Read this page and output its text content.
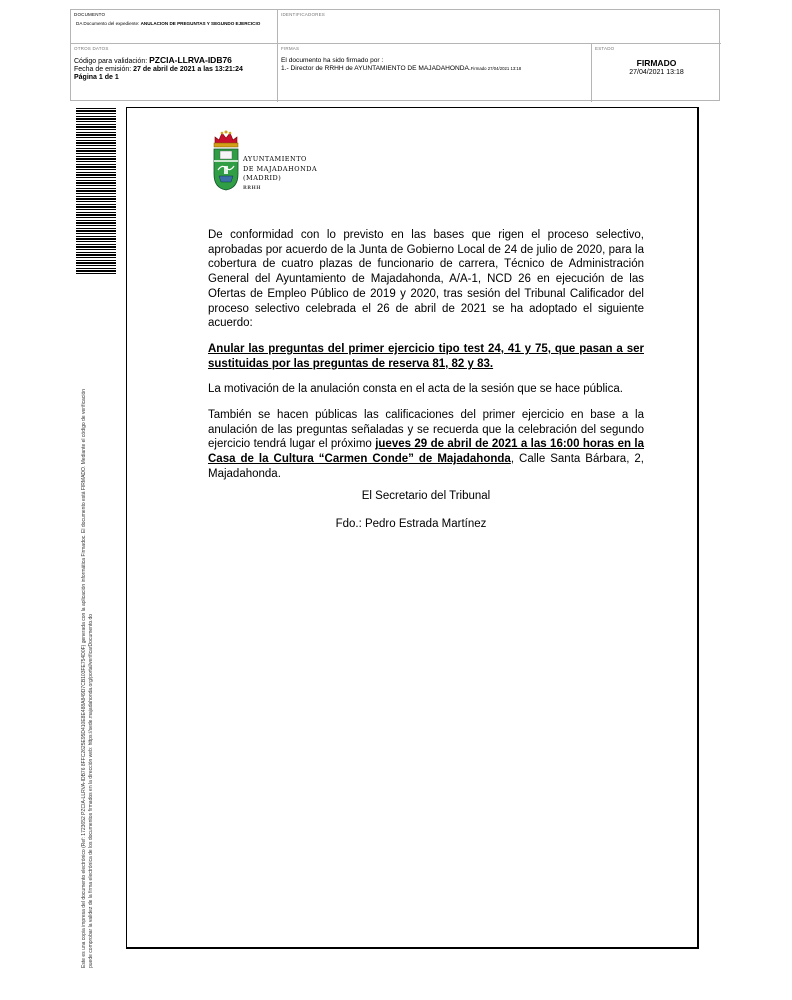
DOCUMENTO
DA Documento del expediente: ANULACION DE PREGUNTAS Y SEGUNDO EJERCICIO
IDENTIFICADORES
OTROS DATOS
Código para validación: PZCIA-LLRVA-IDB76
Fecha de emisión: 27 de abril de 2021 a las 13:21:24
Página 1 de 1
FIRMAS
El documento ha sido firmado por :
1.- Director de RRHH de AYUNTAMIENTO DE MAJADAHONDA.Firmado 27/04/2021 13:18
ESTADO
FIRMADO
27/04/2021 13:18
Este es una copia impresa del documento electrónico (Ref: 1723652 PZCIA-LLRVA-IDB76 8FFC2625E95D410E8E488A849D7CB103FE754D0F) generada con la aplicación informática Firmadoc. El documento está FIRMADO. Mediante el código de verificación puede comprobar la validez de la firma electrónica de los documentos firmados en la dirección web: https://sede.majadahonda.org/portal/verificarDocumento.do
AYUNTAMIENTO
DE MAJADAHONDA
(MADRID)
RRHH

De conformidad con lo previsto en las bases que rigen el proceso selectivo, aprobadas por acuerdo de la Junta de Gobierno Local de 24 de julio de 2020, para la cobertura de cuatro plazas de funcionario de carrera, Técnico de Administración General del Ayuntamiento de Majadahonda, A/A-1, NCD 26 en ejecución de las Ofertas de Empleo Público de 2019 y 2020, tras sesión del Tribunal Calificador del proceso selectivo celebrada el 26 de abril de 2021 se ha adoptado el siguiente acuerdo:

Anular las preguntas del primer ejercicio tipo test 24, 41 y 75, que pasan a ser sustituidas por las preguntas de reserva 81, 82 y 83.

La motivación de la anulación consta en el acta de la sesión que se hace pública.

También se hacen públicas las calificaciones del primer ejercicio en base a la anulación de las preguntas señaladas y se recuerda que la celebración del segundo ejercicio tendrá lugar el próximo jueves 29 de abril de 2021 a las 16:00 horas en la Casa de la Cultura “Carmen Conde” de Majadahonda, Calle Santa Bárbara, 2, Majadahonda.

El Secretario del Tribunal
Fdo.: Pedro Estrada Martínez
